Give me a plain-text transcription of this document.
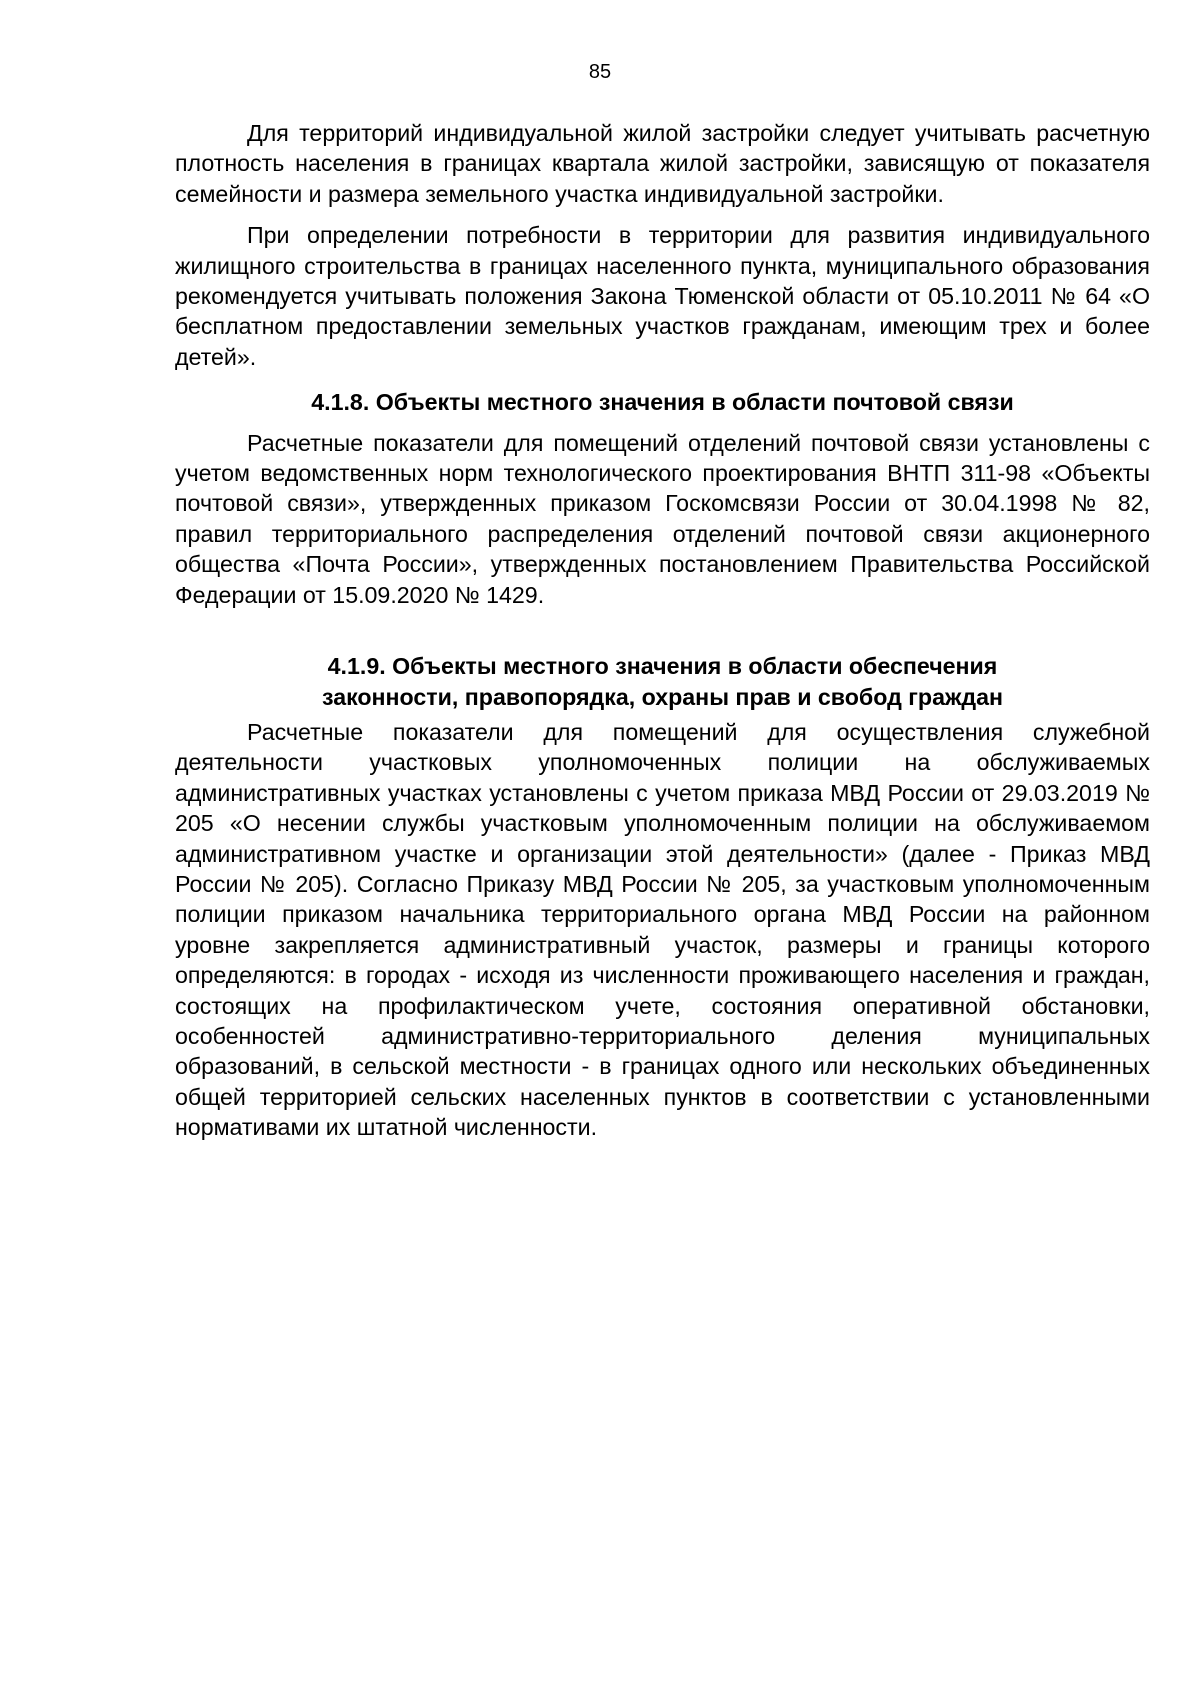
85

Для территорий индивидуальной жилой застройки следует учитывать расчетную плотность населения в границах квартала жилой застройки, зависящую от показателя семейности и размера земельного участка индивидуальной застройки.

При определении потребности в территории для развития индивидуального жилищного строительства в границах населенного пункта, муниципального образования рекомендуется учитывать положения Закона Тюменской области от 05.10.2011 № 64 «О бесплатном предоставлении земельных участков гражданам, имеющим трех и более детей».

4.1.8. Объекты местного значения в области почтовой связи

Расчетные показатели для помещений отделений почтовой связи установлены с учетом ведомственных норм технологического проектирования ВНТП 311-98 «Объекты почтовой связи», утвержденных приказом Госкомсвязи России от 30.04.1998 № 82, правил территориального распределения отделений почтовой связи акционерного общества «Почта России», утвержденных постановлением Правительства Российской Федерации от 15.09.2020 № 1429.

4.1.9. Объекты местного значения в области обеспечения
законности, правопорядка, охраны прав и свобод граждан

Расчетные показатели для помещений для осуществления служебной деятельности участковых уполномоченных полиции на обслуживаемых административных участках установлены с учетом приказа МВД России от 29.03.2019 № 205 «О несении службы участковым уполномоченным полиции на обслуживаемом административном участке и организации этой деятельности» (далее - Приказ МВД России № 205). Согласно Приказу МВД России № 205, за участковым уполномоченным полиции приказом начальника территориального органа МВД России на районном уровне закрепляется административный участок, размеры и границы которого определяются: в городах - исходя из численности проживающего населения и граждан, состоящих на профилактическом учете, состояния оперативной обстановки, особенностей административно-территориального деления муниципальных образований, в сельской местности - в границах одного или нескольких объединенных общей территорией сельских населенных пунктов в соответствии с установленными нормативами их штатной численности.
